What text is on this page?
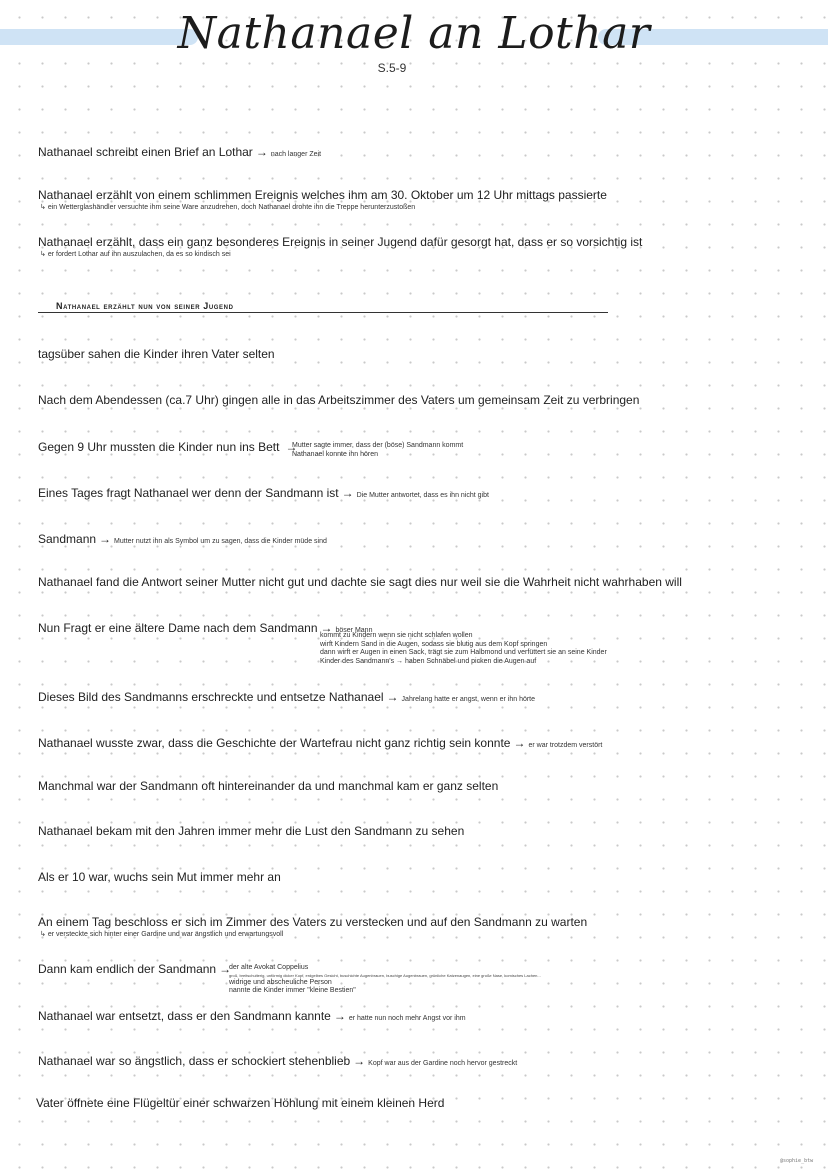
Nathanael an Lothar
S.5-9
Nathanael schreibt einen Brief an Lothar → nach langer Zeit
Nathanael erzählt von einem schlimmen Ereignis welches ihm am 30. Oktober um 12 Uhr mittags passierte
↳ ein Wetterglashändler versuchte ihm seine Ware anzudrehen, doch Nathanael drohte ihn die Treppe herunterzustoßen
Nathanael erzählt, dass ein ganz besonderes Ereignis in seiner Jugend dafür gesorgt hat, dass er so vorsichtig ist
↳ er fordert Lothar auf ihn auszulachen, da es so kindisch sei
Nathanael erzählt nun von seiner Jugend
tagsüber sahen die Kinder ihren Vater selten
Nach dem Abendessen (ca.7 Uhr) gingen alle in das Arbeitszimmer des Vaters um gemeinsam Zeit zu verbringen
Gegen 9 Uhr mussten die Kinder nun ins Bett →
Mutter sagte immer, dass der (böse) Sandmann kommt
Nathanael konnte ihn hören
Eines Tages fragt Nathanael wer denn der Sandmann ist → Die Mutter antwortet, dass es ihn nicht gibt
Sandmann → Mutter nutzt ihn als Symbol um zu sagen, dass die Kinder müde sind
Nathanael fand die Antwort seiner Mutter nicht gut und dachte sie sagt dies nur weil sie die Wahrheit nicht wahrhaben will
Nun Fragt er eine ältere Dame nach dem Sandmann → böser Mann
kommt zu Kindern wenn sie nicht schlafen wollen
wirft Kindern Sand in die Augen, sodass sie blutig aus dem Kopf springen
dann wirft er Augen in einen Sack, trägt sie zum Halbmond und verfüttert sie an seine Kinder
Kinder des Sandmann's → haben Schnäbel und picken die Augen auf
Dieses Bild des Sandmanns erschreckte und entsetze Nathanael → Jahrelang hatte er angst, wenn er ihn hörte
Nathanael wusste zwar, dass die Geschichte der Wartefrau nicht ganz richtig sein konnte → er war trotzdem verstört
Manchmal war der Sandmann oft hintereinander da und manchmal kam er ganz selten
Nathanael bekam mit den Jahren immer mehr die Lust den Sandmann zu sehen
Als er 10 war, wuchs sein Mut immer mehr an
An einem Tag beschloss er sich im Zimmer des Vaters zu verstecken und auf den Sandmann zu warten
↳ er versteckte sich hinter einer Gardine und war ängstlich und erwartungsvoll
Dann kam endlich der Sandmann →
der alte Avokat Coppelius
groß, breitschulterig, unförmig dicker Kopf, erdgelbes Gesicht, buschichte Augenbrauen, buschige Augenbrauen, grünliche Katzenaugen, eine große Nase, komisches Lachen...
widrige und abscheuliche Person
nannte die Kinder immer "kleine Bestien"
Nathanael war entsetzt, dass er den Sandmann kannte → er hatte nun noch mehr Angst vor ihm
Nathanael war so ängstlich, dass er schockiert stehenblieb → Kopf war aus der Gardine noch hervor gestreckt
Vater öffnete eine Flügeltür einer schwarzen Höhlung mit einem kleinen Herd
@sophie_btw
